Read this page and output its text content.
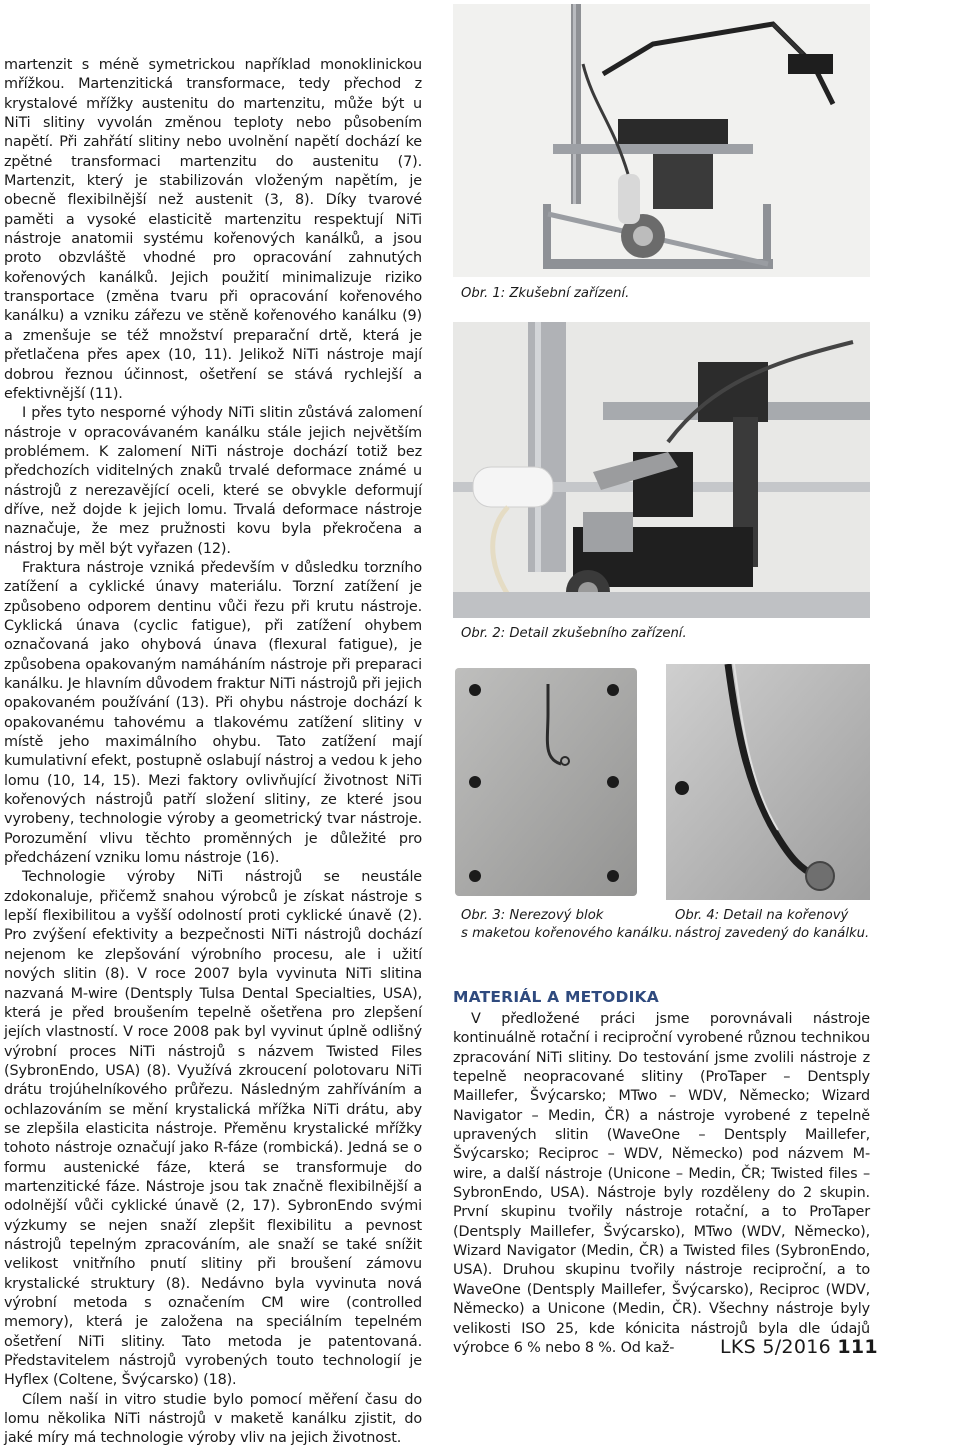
martenzit s méně symetrickou například monoklinickou mřížkou. Martenzitická transformace, tedy přechod z krystalové mřížky austenitu do martenzitu, může být u NiTi slitiny vyvolán změnou teploty nebo působením napětí. Při zahřátí slitiny nebo uvolnění napětí dochází ke zpětné transformaci martenzitu do austenitu (7). Martenzit, který je stabilizován vloženým napětím, je obecně flexibilnější než austenit (3, 8). Díky tvarové paměti a vysoké elasticitě martenzitu respektují NiTi nástroje anatomii systému kořenových kanálků, a jsou proto obzvláště vhodné pro opracování zahnutých kořenových kanálků. Jejich použití minimalizuje riziko transportace (změna tvaru při opracování kořenového kanálku) a vzniku zářezu ve stěně kořenového kanálku (9) a zmenšuje se též množství preparační drtě, která je přetlačena přes apex (10, 11). Jelikož NiTi nástroje mají dobrou řeznou účinnost, ošetření se stává rychlejší a efektivnější (11).

I přes tyto nesporné výhody NiTi slitin zůstává zalomení nástroje v opracovávaném kanálku stále jejich největším problémem. K zalomení NiTi nástroje dochází totiž bez předchozích viditelných znaků trvalé deformace známé u nástrojů z nerezavějící oceli, které se obvykle deformují dříve, než dojde k jejich lomu. Trvalá deformace nástroje naznačuje, že mez pružnosti kovu byla překročena a nástroj by měl být vyřazen (12).

Fraktura nástroje vzniká především v důsledku torzního zatížení a cyklické únavy materiálu. Torzní zatížení je způsobeno odporem dentinu vůči řezu při krutu nástroje. Cyklická únava (cyclic fatigue), při zatížení ohybem označovaná jako ohybová únava (flexural fatigue), je způsobena opakovaným namáháním nástroje při preparaci kanálku. Je hlavním důvodem fraktur NiTi nástrojů při jejich opakovaném používání (13). Při ohybu nástroje dochází k opakovanému tahovému a tlakovému zatížení slitiny v místě jeho maximálního ohybu. Tato zatížení mají kumulativní efekt, postupně oslabují nástroj a vedou k jeho lomu (10, 14, 15). Mezi faktory ovlivňující životnost NiTi kořenových nástrojů patří složení slitiny, ze které jsou vyrobeny, technologie výroby a geometrický tvar nástroje. Porozumění vlivu těchto proměnných je důležité pro předcházení vzniku lomu nástroje (16).

Technologie výroby NiTi nástrojů se neustále zdokonaluje, přičemž snahou výrobců je získat nástroje s lepší flexibilitou a vyšší odolností proti cyklické únavě (2). Pro zvýšení efektivity a bezpečnosti NiTi nástrojů dochází nejenom ke zlepšování výrobního procesu, ale i užití nových slitin (8). V roce 2007 byla vyvinuta NiTi slitina nazvaná M-wire (Dentsply Tulsa Dental Specialties, USA), která je před broušením tepelně ošetřena pro zlepšení jejích vlastností. V roce 2008 pak byl vyvinut úplně odlišný výrobní proces NiTi nástrojů s názvem Twisted Files (SybronEndo, USA) (8). Využívá zkroucení polotovaru NiTi drátu trojúhelníkového průřezu. Následným zahříváním a ochlazováním se mění krystalická mřížka NiTi drátu, aby se zlepšila elasticita nástroje. Přeměnu krystalické mřížky tohoto nástroje označují jako R-fáze (rombická). Jedná se o formu austenické fáze, která se transformuje do martenzitické fáze. Nástroje jsou tak značně flexibilnější a odolnější vůči cyklické únavě (2, 17). SybronEndo svými výzkumy se nejen snaží zlepšit flexibilitu a pevnost nástrojů tepelným zpracováním, ale snaží se také snížit velikost vnitřního pnutí slitiny při broušení zámovu krystalické struktury (8). Nedávno byla vyvinuta nová výrobní metoda s označením CM wire (controlled memory), která je založena na speciálním tepelném ošetření NiTi slitiny. Tato metoda je patentovaná. Představitelem nástrojů vyrobených touto technologií je Hyflex (Coltene, Švýcarsko) (18).

Cílem naší in vitro studie bylo pomocí měření času do lomu několika NiTi nástrojů v maketě kanálku zjistit, do jaké míry má technologie výroby vliv na jejich životnost.

Obr. 1: Zkušební zařízení.
Obr. 2: Detail zkušebního zařízení.
Obr. 3: Nerezový blok
s maketou kořenového kanálku.
Obr. 4: Detail na kořenový
nástroj zavedený do kanálku.
MATERIÁL A METODIKA

V předložené práci jsme porovnávali nástroje kontinuálně rotační i reciproční vyrobené různou technikou zpracování NiTi slitiny. Do testování jsme zvolili nástroje z tepelně neopracované slitiny (ProTaper – Dentsply Maillefer, Švýcarsko; MTwo – WDV, Německo; Wizard Navigator – Medin, ČR) a nástroje vyrobené z tepelně upravených slitin (WaveOne – Dentsply Maillefer, Švýcarsko; Reciproc – WDV, Německo) pod názvem M-wire, a další nástroje (Unicone – Medin, ČR; Twisted files – SybronEndo, USA). Nástroje byly rozděleny do 2 skupin. První skupinu tvořily nástroje rotační, a to ProTaper (Dentsply Maillefer, Švýcarsko), MTwo (WDV, Německo), Wizard Navigator (Medin, ČR) a Twisted files (SybronEndo, USA). Druhou skupinu tvořily nástroje reciproční, a to WaveOne (Dentsply Maillefer, Švýcarsko), Reciproc (WDV, Německo) a Unicone (Medin, ČR). Všechny nástroje byly velikosti ISO 25, kde kónicita nástrojů byla dle údajů výrobce 6 % nebo 8 %. Od kaž-	LKS 5/2016 111
